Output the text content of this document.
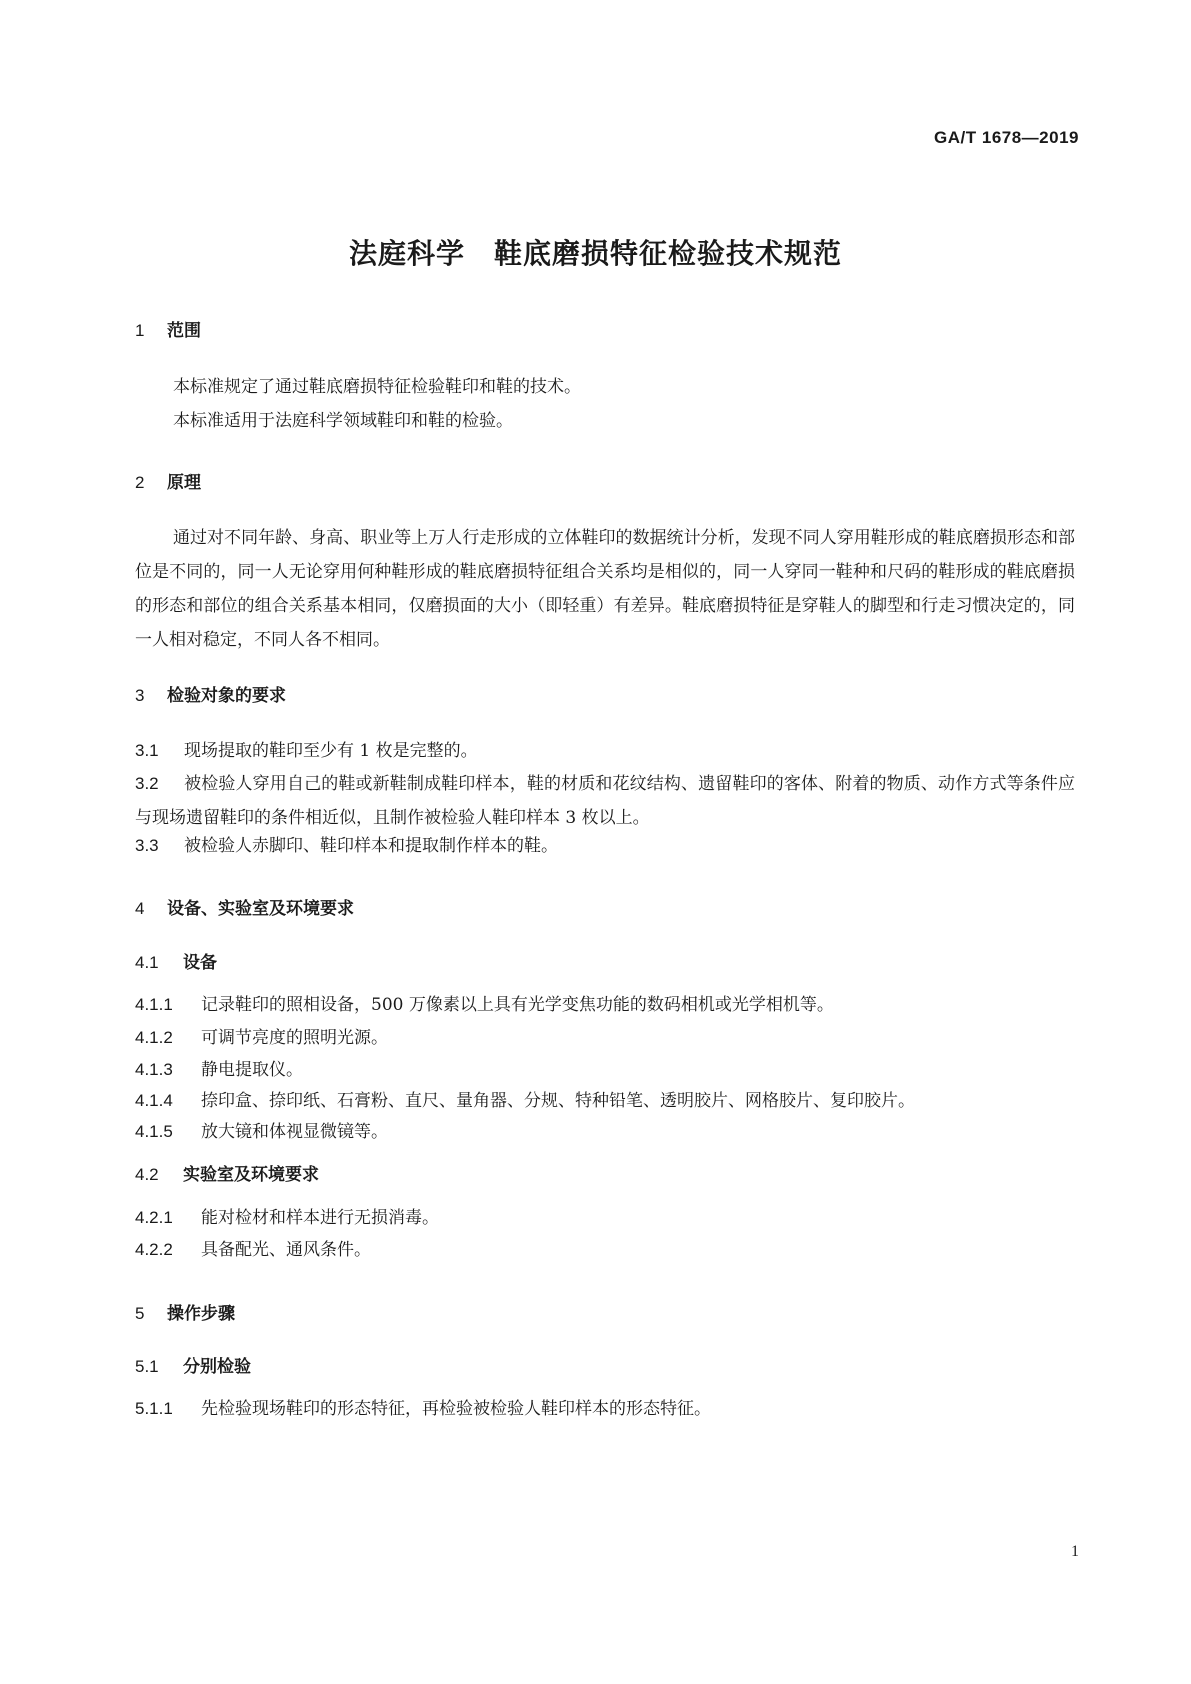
GA/T 1678—2019
法庭科学　鞋底磨损特征检验技术规范
1 范围
本标准规定了通过鞋底磨损特征检验鞋印和鞋的技术。
本标准适用于法庭科学领域鞋印和鞋的检验。
2 原理
通过对不同年龄、身高、职业等上万人行走形成的立体鞋印的数据统计分析，发现不同人穿用鞋形成的鞋底磨损形态和部位是不同的，同一人无论穿用何种鞋形成的鞋底磨损特征组合关系均是相似的，同一人穿同一鞋种和尺码的鞋形成的鞋底磨损的形态和部位的组合关系基本相同，仅磨损面的大小（即轻重）有差异。鞋底磨损特征是穿鞋人的脚型和行走习惯决定的，同一人相对稳定，不同人各不相同。
3 检验对象的要求
3.1 现场提取的鞋印至少有 1 枚是完整的。
3.2 被检验人穿用自己的鞋或新鞋制成鞋印样本，鞋的材质和花纹结构、遗留鞋印的客体、附着的物质、动作方式等条件应与现场遗留鞋印的条件相近似，且制作被检验人鞋印样本 3 枚以上。
3.3 被检验人赤脚印、鞋印样本和提取制作样本的鞋。
4 设备、实验室及环境要求
4.1 设备
4.1.1 记录鞋印的照相设备，500 万像素以上具有光学变焦功能的数码相机或光学相机等。
4.1.2 可调节亮度的照明光源。
4.1.3 静电提取仪。
4.1.4 捺印盒、捺印纸、石膏粉、直尺、量角器、分规、特种铅笔、透明胶片、网格胶片、复印胶片。
4.1.5 放大镜和体视显微镜等。
4.2 实验室及环境要求
4.2.1 能对检材和样本进行无损消毒。
4.2.2 具备配光、通风条件。
5 操作步骤
5.1 分别检验
5.1.1 先检验现场鞋印的形态特征，再检验被检验人鞋印样本的形态特征。
1
